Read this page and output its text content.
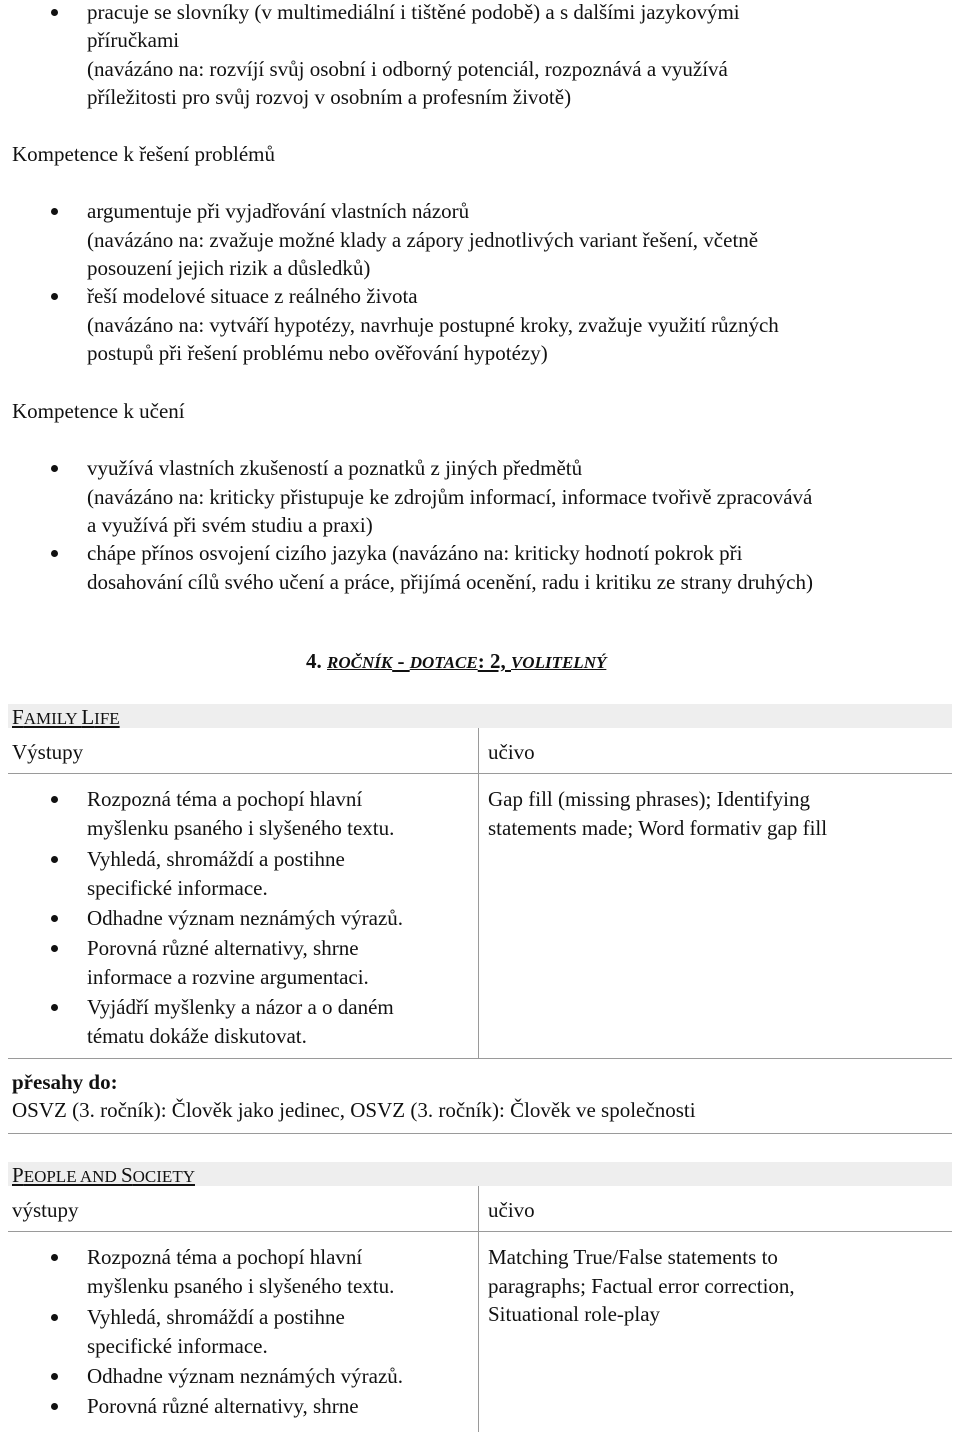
pracuje se slovníky (v multimediální i tištěné podobě) a s dalšími jazykovými
příručkami
(navázáno na: rozvíjí svůj osobní i odborný potenciál, rozpoznává a využívá
příležitosti pro svůj rozvoj v osobním a profesním životě)
Kompetence k řešení problémů
argumentuje při vyjadřování vlastních názorů
(navázáno na: zvažuje možné klady a zápory jednotlivých variant řešení, včetně
posouzení jejich rizik a důsledků)
řeší modelové situace z reálného života
(navázáno na: vytváří hypotézy, navrhuje postupné kroky, zvažuje využití různých
postupů při řešení problému nebo ověřování hypotézy)
Kompetence k učení
využívá vlastních zkušeností a poznatků z jiných předmětů
(navázáno na: kriticky přistupuje ke zdrojům informací, informace tvořivě zpracovává
a využívá při svém studiu a praxi)
chápe přínos osvojení cizího jazyka (navázáno na: kriticky hodnotí pokrok při
dosahování cílů svého učení a práce, přijímá ocenění, radu i kritiku ze strany druhých)
4. ROČNÍK - DOTACE: 2, VOLITELNÝ
FAMILY LIFE
Výstupy	učivo
Rozpozná téma a pochopí hlavní
myšlenku psaného i slyšeného textu.
Vyhledá, shromáždí a postihne
specifické informace.
Odhadne význam neznámých výrazů.
Porovná různé alternativy, shrne
informace a rozvine argumentaci.
Vyjádří myšlenky a názor a o daném
tématu dokáže diskutovat.
Gap fill (missing phrases); Identifying
statements made; Word formativ gap fill
přesahy do:
OSVZ (3. ročník): Člověk jako jedinec, OSVZ (3. ročník): Člověk ve společnosti
PEOPLE AND SOCIETY
výstupy	učivo
Rozpozná téma a pochopí hlavní
myšlenku psaného i slyšeného textu.
Vyhledá, shromáždí a postihne
specifické informace.
Odhadne význam neznámých výrazů.
Porovná různé alternativy, shrne
Matching True/False statements to
paragraphs; Factual error correction,
Situational role-play
